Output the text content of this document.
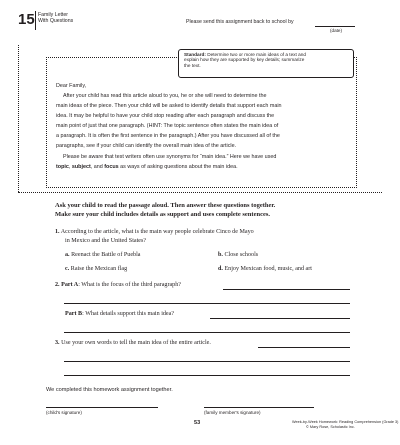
15 Family Letter
With Questions	Please send this assignment back to school by
(date)
Standard: Determine two or more main ideas of a text and
explain how they are supported by key details; summarize
the text.
Dear Family,
After your child has read this article aloud to you, he or she will need to determine the
main ideas of the piece. Then your child will be asked to identify details that support each main
idea. It may be helpful to have your child stop reading after each paragraph and discuss the
main point of just that one paragraph. (HINT: The topic sentence often states the main idea of
a paragraph. It is often the first sentence in the paragraph.) After you have discussed all of the
paragraphs, see if your child can identify the overall main idea of the article.
Please be aware that test writers often use synonyms for “main idea.” Here we have used
topic, subject, and focus as ways of asking questions about the main idea.
Ask your child to read the passage aloud. Then answer these questions together.
Make sure your child includes details as support and uses complete sentences.
1. According to the article, what is the main way people celebrate Cinco de Mayo
in Mexico and the United States?
a. Reenact the Battle of Puebla	b. Close schools
c. Raise the Mexican flag	d. Enjoy Mexican food, music, and art
2. Part A: What is the focus of the third paragraph?
Part B: What details support this main idea?
3. Use your own words to tell the main idea of the entire article.
We completed this homework assignment together.
(child's signature)	(family member's signature)
53	Week-by-Week Homework: Reading Comprehension (Grade 3)
© Mary Rose, Scholastic Inc.
